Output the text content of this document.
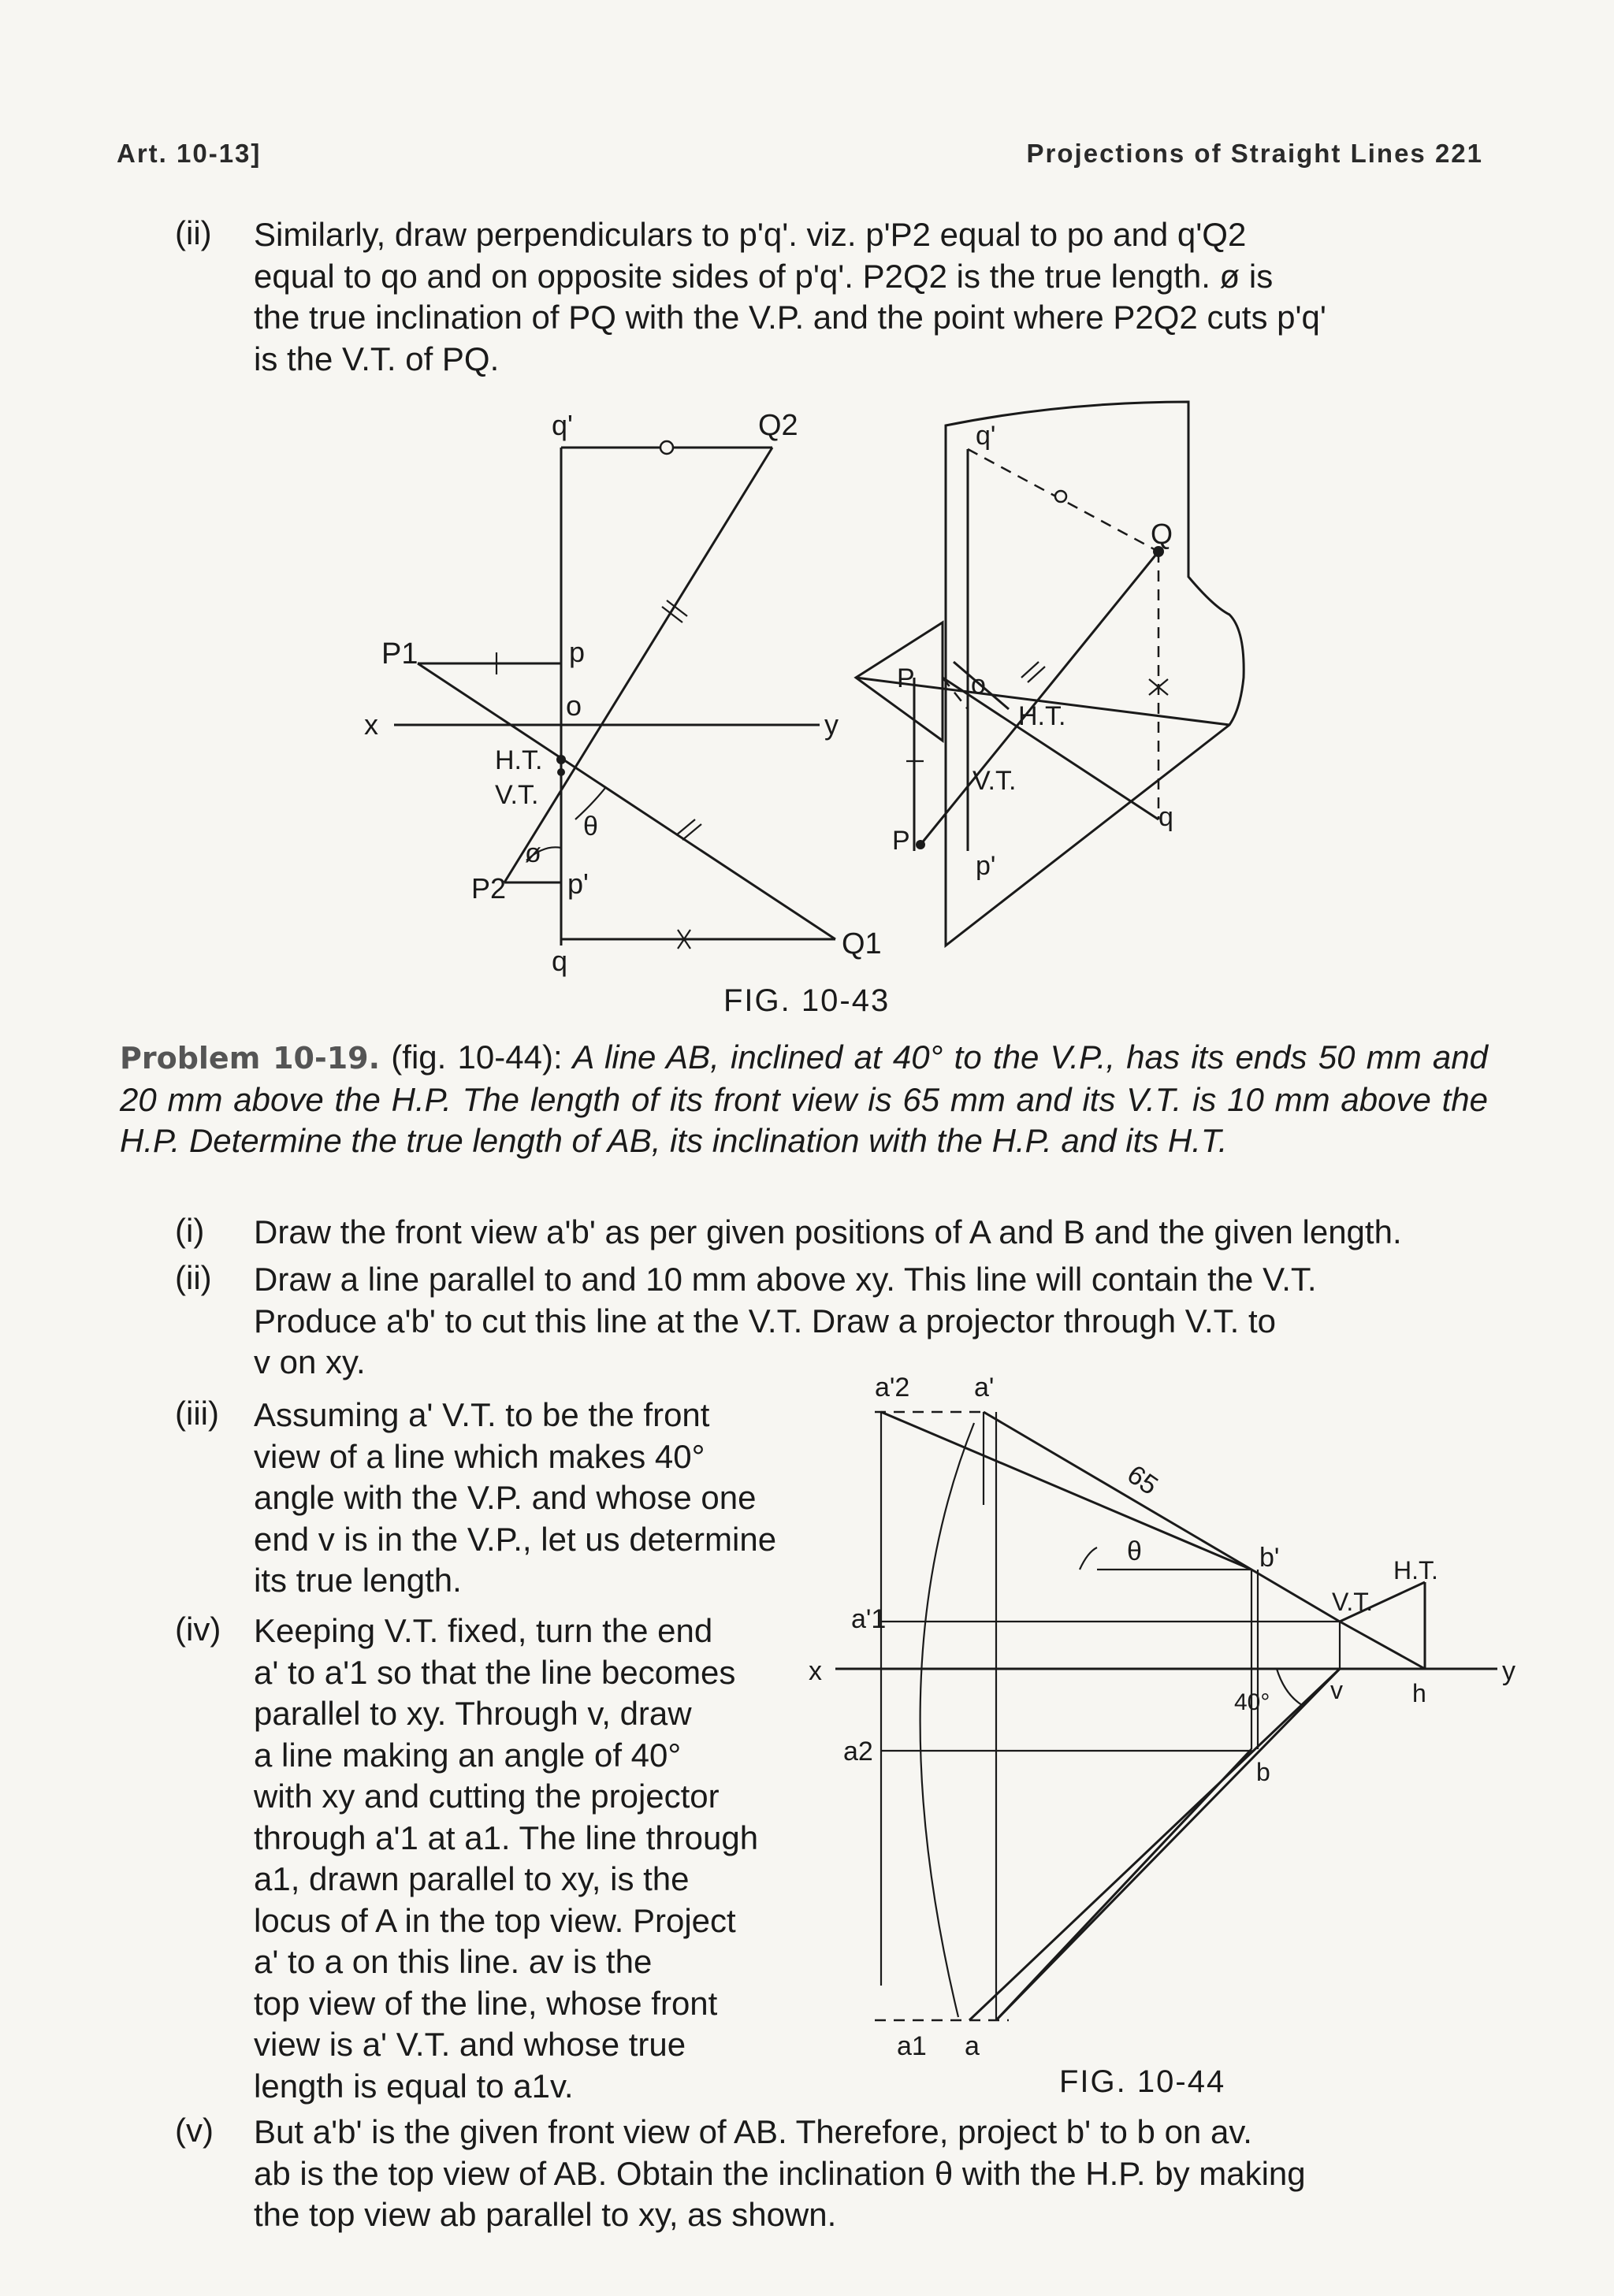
Art. 10-13]	Projections of Straight Lines 221
(ii) Similarly, draw perpendiculars to p'q'. viz. p'P2 equal to po and q'Q2
equal to qo and on opposite sides of p'q'. P2Q2 is the true length. ø is
the true inclination of PQ with the V.P. and the point where P2Q2 cuts p'q'
is the V.T. of PQ.
q'	Q2
P1	p
x
o
y
H.T.
V.T.
θ
ø
P2 p'
q
Q1
q'
Q
P o
H.T.
V.T.
P
p'
q
FIG. 10-43
Problem 10-19. (fig. 10-44): A line AB, inclined at 40° to the V.P., has its ends 50 mm and 20 mm above the H.P. The length of its front view is 65 mm and its V.T. is 10 mm above the H.P. Determine the true length of AB, its inclination with the H.P. and its H.T.
(i) Draw the front view a'b' as per given positions of A and B and the given length.
(ii) Draw a line parallel to and 10 mm above xy. This line will contain the V.T.
Produce a'b' to cut this line at the V.T. Draw a projector through V.T. to
v on xy.
(iii) Assuming a' V.T. to be the front
view of a line which makes 40°
angle with the V.P. and whose one
end v is in the V.P., let us determine
its true length.
(iv) Keeping V.T. fixed, turn the end
a' to a'1 so that the line becomes
parallel to xy. Through v, draw
a line making an angle of 40°
with xy and cutting the projector
through a'1 at a1. The line through
a1, drawn parallel to xy, is the
locus of A in the top view. Project
a' to a on this line. av is the
top view of the line, whose front
view is a' V.T. and whose true
length is equal to a1v.
a'2 a'
65
θ	b'	H.T.
V.T.
a'1
x
v	h
y
40°
a2
b
a1 a
FIG. 10-44
(v) But a'b' is the given front view of AB. Therefore, project b' to b on av.
ab is the top view of AB. Obtain the inclination θ with the H.P. by making
the top view ab parallel to xy, as shown.
